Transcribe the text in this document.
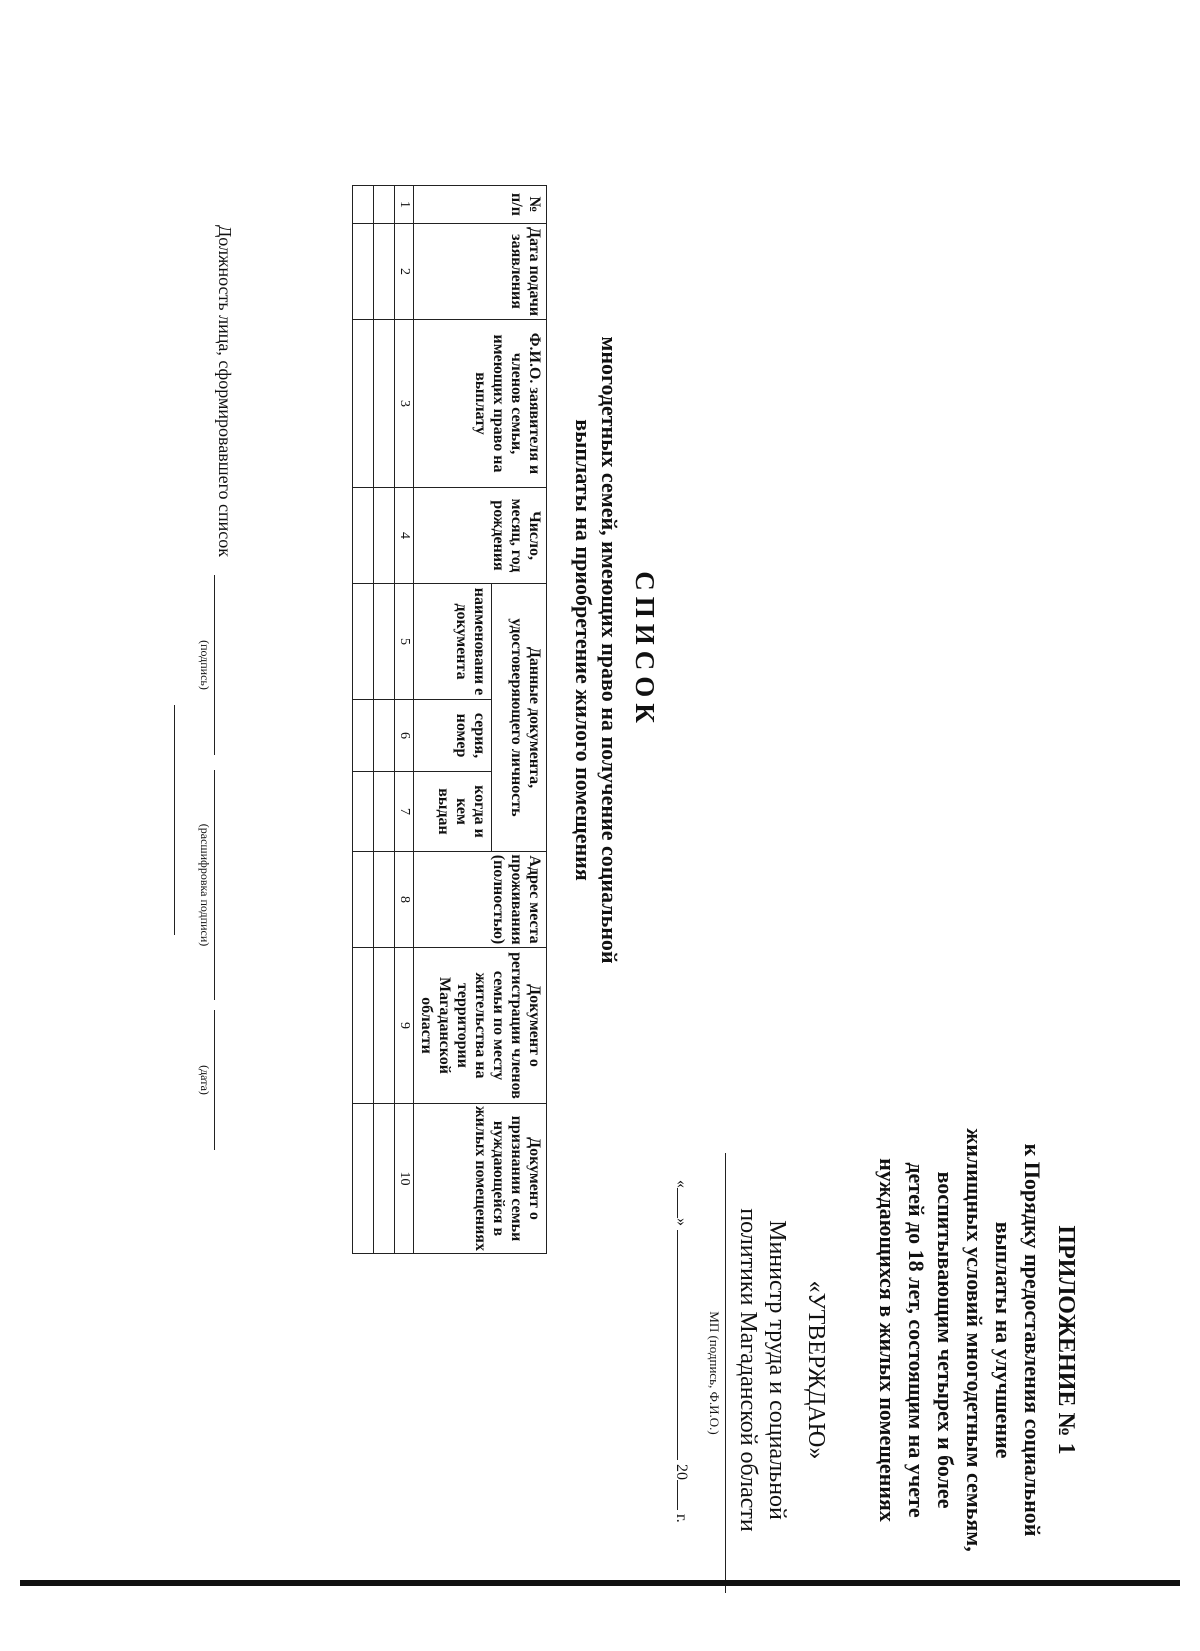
ПРИЛОЖЕНИЕ № 1
к Порядку предоставления социальной
выплаты на улучшение
жилищных условий многодетным семьям,
воспитывающим четырех и более
детей до 18 лет, состоящим на учете
нуждающихся в жилых помещениях
«УТВЕРЖДАЮ»
Министр труда и социальной
политики Магаданской области
МП (подпись, Ф.И.О.)
«»  20 г.
СПИСОК
многодетных семей, имеющих право на получение социальной
выплаты на приобретение жилого помещения
№ п/п	Дата подачи заявления	Ф.И.О. заявителя и членов семьи, имеющих право на выплату	Число, месяц, год рождения	Данные документа, удостоверяющего личность			Адрес места проживания (полностью)	Документ о регистрации членов семьи по месту жительства на территории Магаданской области	Документ о признании семьи нуждающейся в жилых помещениях
				наименовани е документа	серия, номер	когда и кем выдан			
1	2	3	4	5	6	7	8	9	10

Должность лица, сформировавшего список
(подпись)
(расшифровка подписи)
(дата)
